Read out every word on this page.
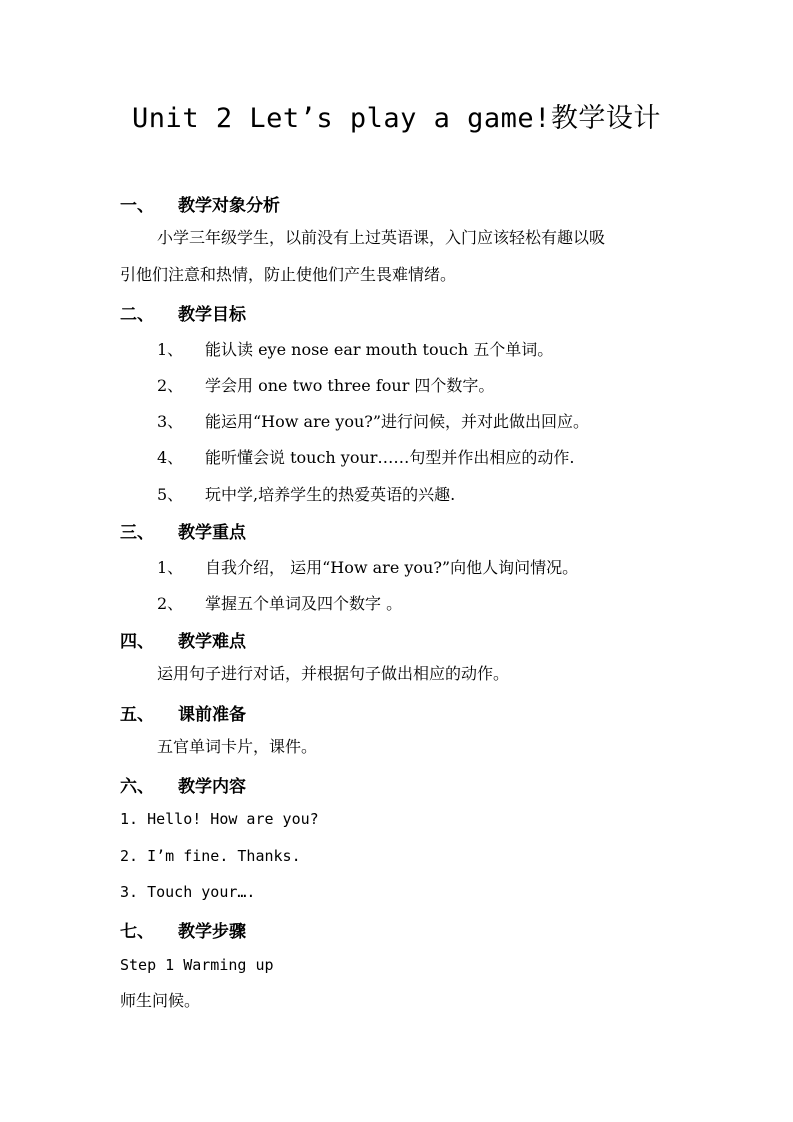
Unit 2 Let’s play a game!教学设计
一、 教学对象分析
小学三年级学生，以前没有上过英语课，入门应该轻松有趣以吸
引他们注意和热情，防止使他们产生畏难情绪。
二、 教学目标
1、 能认读 eye nose ear mouth touch 五个单词。
2、 学会用 one two three four 四个数字。
3、 能运用“How are you?”进行问候，并对此做出回应。
4、 能听懂会说 touch your……句型并作出相应的动作.
5、 玩中学,培养学生的热爱英语的兴趣.
三、 教学重点
1、 自我介绍， 运用“How are you?”向他人询问情况。
2、 掌握五个单词及四个数字 。
四、 教学难点
运用句子进行对话，并根据句子做出相应的动作。
五、 课前准备
五官单词卡片，课件。
六、 教学内容
1. Hello! How are you?
2. I’m fine. Thanks.
3. Touch your….
七、 教学步骤
Step 1 Warming up
师生问候。
